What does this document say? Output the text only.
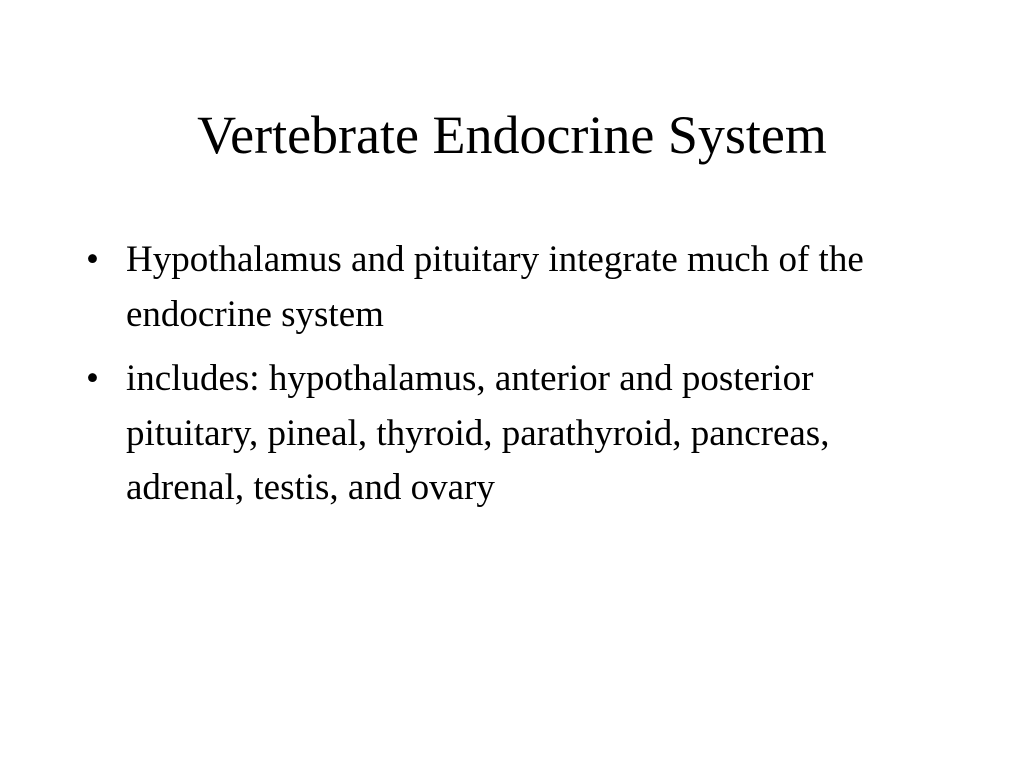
Vertebrate Endocrine System
• Hypothalamus and pituitary integrate much of the endocrine system
• includes: hypothalamus, anterior and posterior pituitary, pineal, thyroid, parathyroid, pancreas, adrenal, testis, and ovary
